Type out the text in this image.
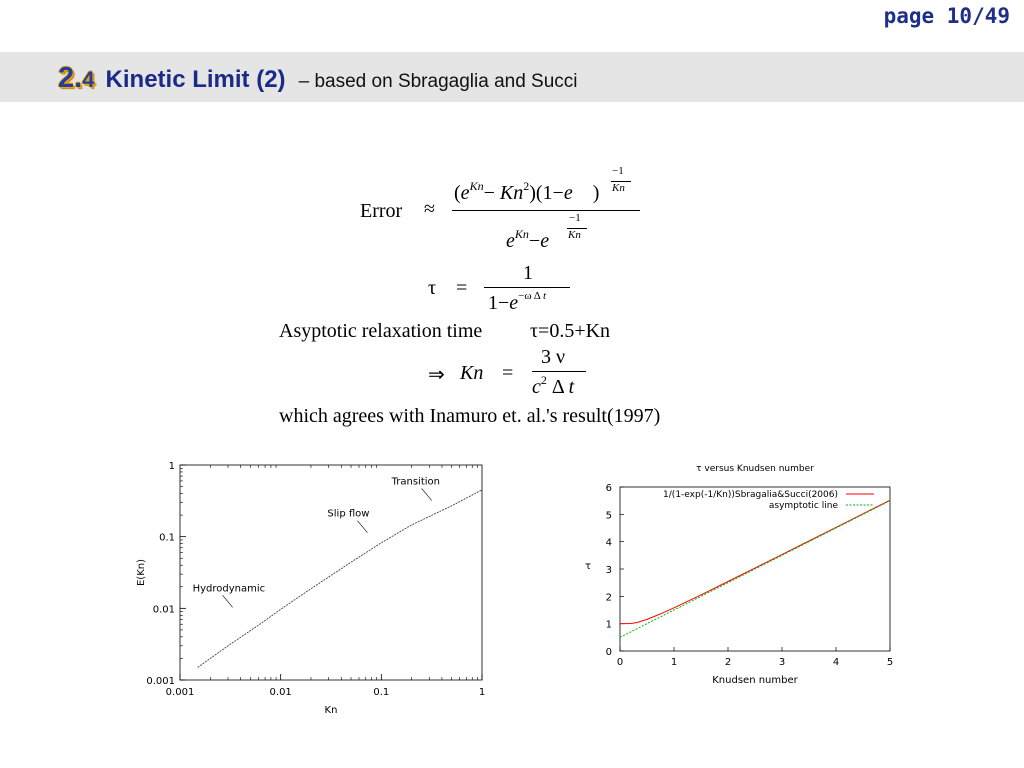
page 10/49
2.4 Kinetic Limit (2) – based on Sbragaglia and Succi
Error ≈
$(e^{Kn}- Kn^2)(1-e$    )
−1
Kn
$e^{Kn}-e$
−1
Kn
τ =
1
$1-e^{-\omega \Delta t}$
Asyptotic relaxation time τ=0.5+Kn
⇒ Kn =
3 ν
$c^2$ Δ t
which agrees with Inamuro et. al.'s result(1997)
0.001	0.01	0.1	1
0.001
0.01
0.1
1
Kn
E(Kn)
Hydrodynamic
Slip flow
Transition
τ versus Knudsen number
0	1	2	3	4	5
0
1
2
3
4
5
6
Knudsen number
τ
1/(1-exp(-1/Kn))Sbragalia&Succi(2006)
asymptotic line
